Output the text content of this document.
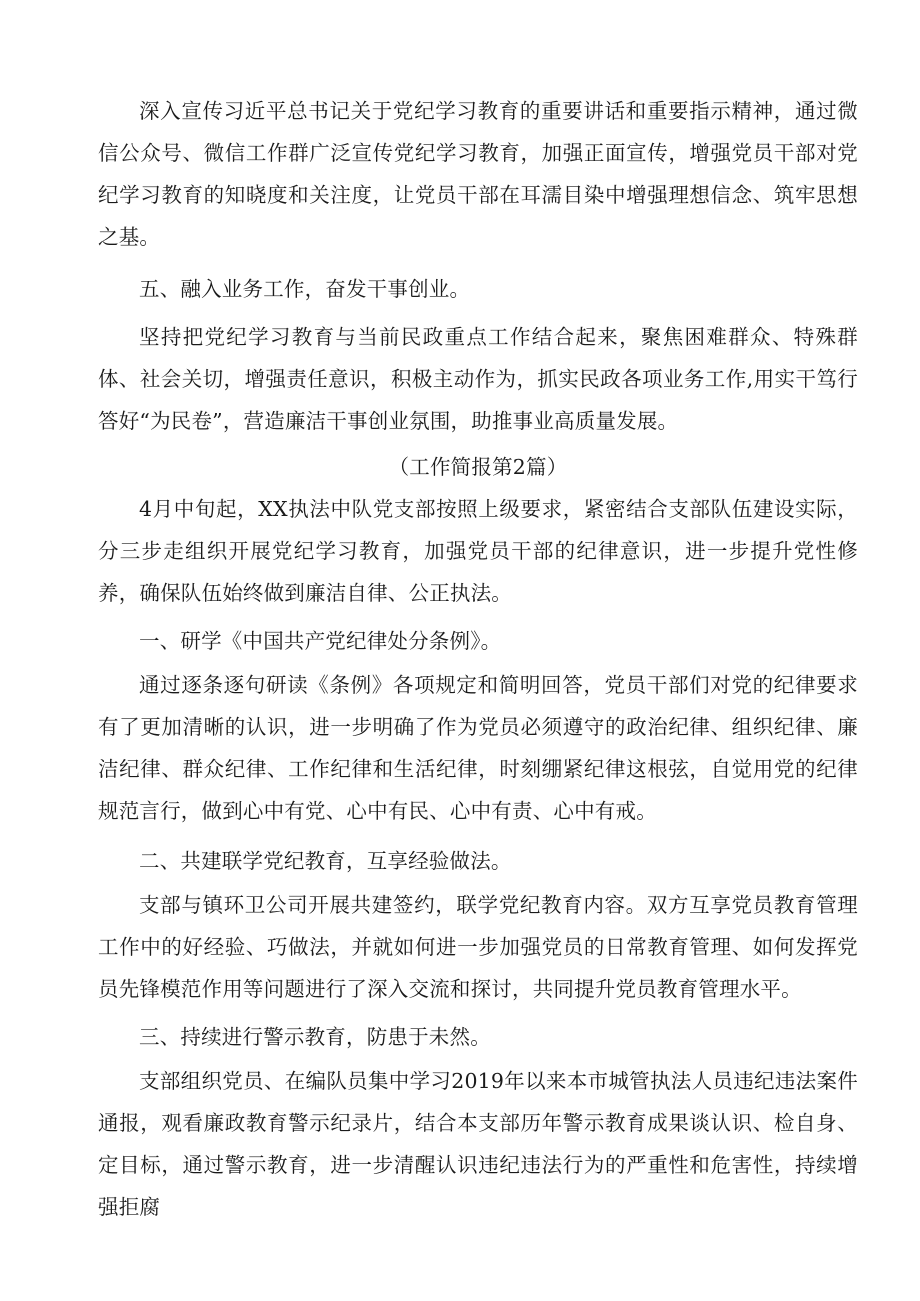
深入宣传习近平总书记关于党纪学习教育的重要讲话和重要指示精神，通过微信公众号、微信工作群广泛宣传党纪学习教育，加强正面宣传，增强党员干部对党纪学习教育的知晓度和关注度，让党员干部在耳濡目染中增强理想信念、筑牢思想之基。
五、融入业务工作，奋发干事创业。
坚持把党纪学习教育与当前民政重点工作结合起来，聚焦困难群众、特殊群体、社会关切，增强责任意识，积极主动作为，抓实民政各项业务工作,用实干笃行答好“为民卷”，营造廉洁干事创业氛围，助推事业高质量发展。
（工作简报第2篇）
4月中旬起，XX执法中队党支部按照上级要求，紧密结合支部队伍建设实际，分三步走组织开展党纪学习教育，加强党员干部的纪律意识，进一步提升党性修养，确保队伍始终做到廉洁自律、公正执法。
一、研学《中国共产党纪律处分条例》。
通过逐条逐句研读《条例》各项规定和简明回答，党员干部们对党的纪律要求有了更加清晰的认识，进一步明确了作为党员必须遵守的政治纪律、组织纪律、廉洁纪律、群众纪律、工作纪律和生活纪律，时刻绷紧纪律这根弦，自觉用党的纪律规范言行，做到心中有党、心中有民、心中有责、心中有戒。
二、共建联学党纪教育，互享经验做法。
支部与镇环卫公司开展共建签约，联学党纪教育内容。双方互享党员教育管理工作中的好经验、巧做法，并就如何进一步加强党员的日常教育管理、如何发挥党员先锋模范作用等问题进行了深入交流和探讨，共同提升党员教育管理水平。
三、持续进行警示教育，防患于未然。
支部组织党员、在编队员集中学习2019年以来本市城管执法人员违纪违法案件通报，观看廉政教育警示纪录片，结合本支部历年警示教育成果谈认识、检自身、定目标，通过警示教育，进一步清醒认识违纪违法行为的严重性和危害性，持续增强拒腐
